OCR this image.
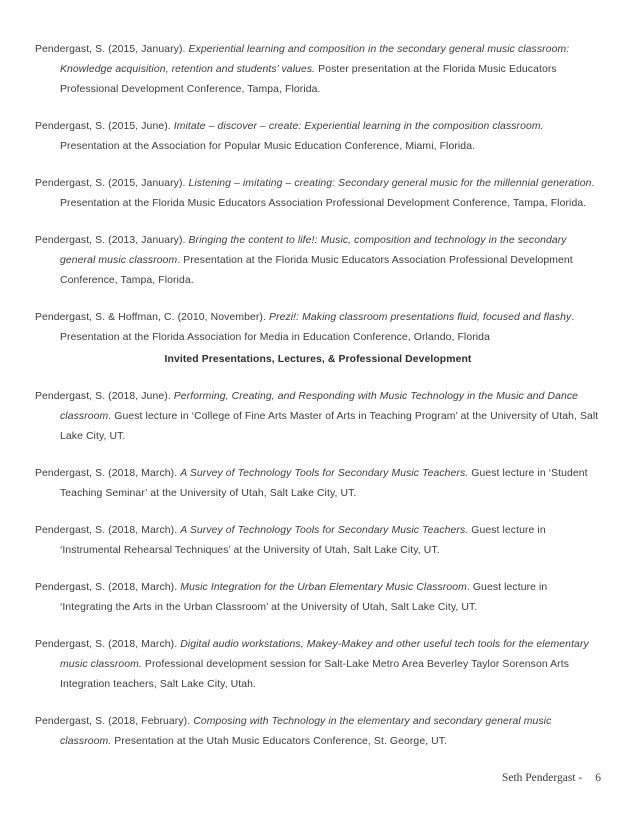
Pendergast, S. (2015, January). Experiential learning and composition in the secondary general music classroom: Knowledge acquisition, retention and students’ values. Poster presentation at the Florida Music Educators Professional Development Conference, Tampa, Florida.

Pendergast, S. (2015, June). Imitate – discover – create: Experiential learning in the composition classroom. Presentation at the Association for Popular Music Education Conference, Miami, Florida.

Pendergast, S. (2015, January). Listening – imitating – creating: Secondary general music for the millennial generation. Presentation at the Florida Music Educators Association Professional Development Conference, Tampa, Florida.

Pendergast, S. (2013, January). Bringing the content to life!: Music, composition and technology in the secondary general music classroom. Presentation at the Florida Music Educators Association Professional Development Conference, Tampa, Florida.

Pendergast, S. & Hoffman, C. (2010, November). Prezi!: Making classroom presentations fluid, focused and flashy. Presentation at the Florida Association for Media in Education Conference, Orlando, Florida

Invited Presentations, Lectures, & Professional Development

Pendergast, S. (2018, June). Performing, Creating, and Responding with Music Technology in the Music and Dance classroom. Guest lecture in ‘College of Fine Arts Master of Arts in Teaching Program’ at the University of Utah, Salt Lake City, UT.

Pendergast, S. (2018, March). A Survey of Technology Tools for Secondary Music Teachers. Guest lecture in ‘Student Teaching Seminar’ at the University of Utah, Salt Lake City, UT.

Pendergast, S. (2018, March). A Survey of Technology Tools for Secondary Music Teachers. Guest lecture in ‘Instrumental Rehearsal Techniques’ at the University of Utah, Salt Lake City, UT.

Pendergast, S. (2018, March). Music Integration for the Urban Elementary Music Classroom. Guest lecture in ‘Integrating the Arts in the Urban Classroom’ at the University of Utah, Salt Lake City, UT.

Pendergast, S. (2018, March). Digital audio workstations, Makey-Makey and other useful tech tools for the elementary music classroom. Professional development session for Salt-Lake Metro Area Beverley Taylor Sorenson Arts Integration teachers, Salt Lake City, Utah.

Pendergast, S. (2018, February). Composing with Technology in the elementary and secondary general music classroom. Presentation at the Utah Music Educators Conference, St. George, UT.

Seth Pendergast - 6
